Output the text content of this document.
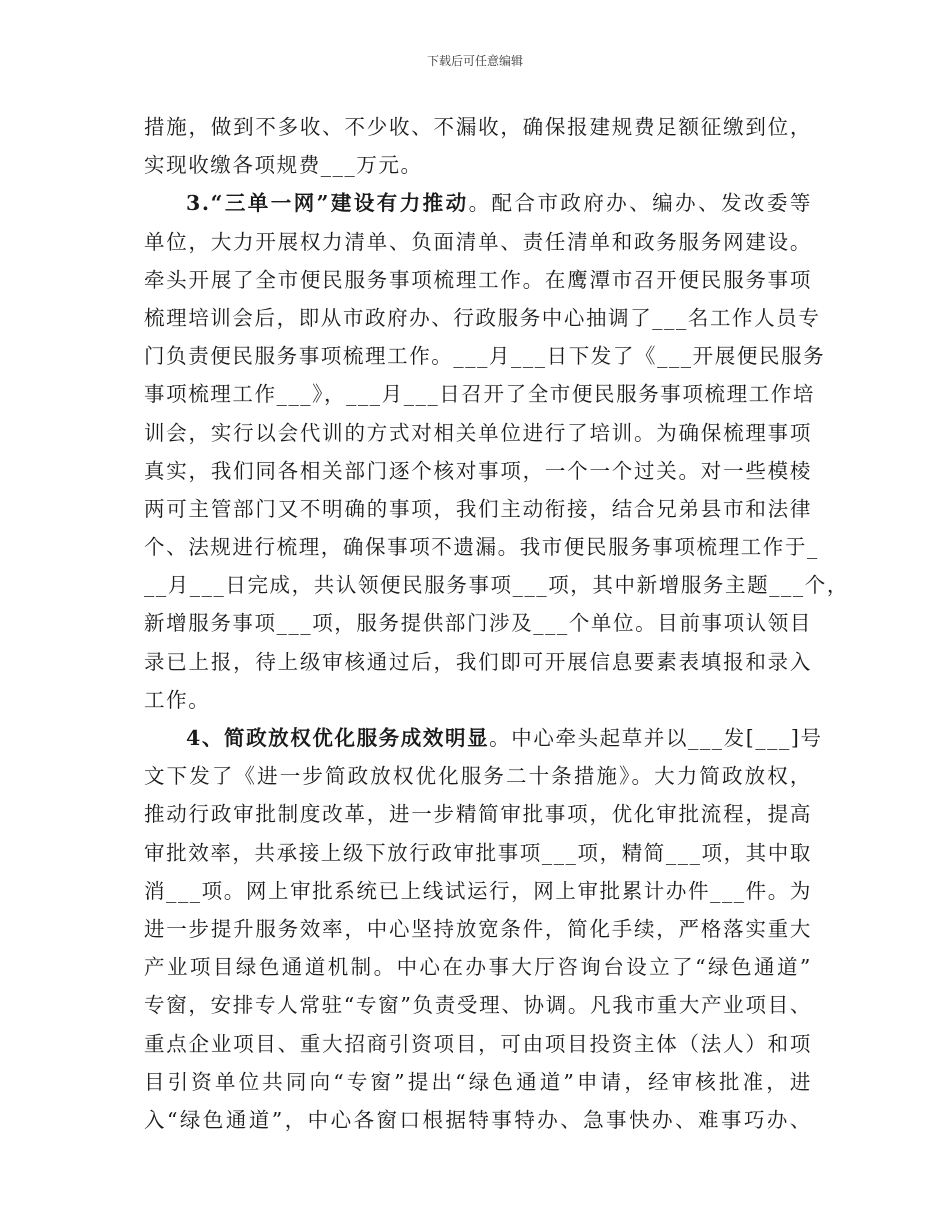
下载后可任意编辑
措施，做到不多收、不少收、不漏收，确保报建规费足额征缴到位，
实现收缴各项规费___万元。
3.“三单一网”建设有力推动。配合市政府办、编办、发改委等
单位，大力开展权力清单、负面清单、责任清单和政务服务网建设。
牵头开展了全市便民服务事项梳理工作。在鹰潭市召开便民服务事项
梳理培训会后，即从市政府办、行政服务中心抽调了___名工作人员专
门负责便民服务事项梳理工作。___月___日下发了《___开展便民服务
事项梳理工作___》，___月___日召开了全市便民服务事项梳理工作培
训会，实行以会代训的方式对相关单位进行了培训。为确保梳理事项
真实，我们同各相关部门逐个核对事项，一个一个过关。对一些模棱
两可主管部门又不明确的事项，我们主动衔接，结合兄弟县市和法律
个、法规进行梳理，确保事项不遗漏。我市便民服务事项梳理工作于_
__月___日完成，共认领便民服务事项___项，其中新增服务主题___个，
新增服务事项___项，服务提供部门涉及___个单位。目前事项认领目
录已上报，待上级审核通过后，我们即可开展信息要素表填报和录入
工作。
4、简政放权优化服务成效明显。中心牵头起草并以___发[___]号
文下发了《进一步简政放权优化服务二十条措施》。大力简政放权，
推动行政审批制度改革，进一步精简审批事项，优化审批流程，提高
审批效率，共承接上级下放行政审批事项___项，精简___项，其中取
消___项。网上审批系统已上线试运行，网上审批累计办件___件。为
进一步提升服务效率，中心坚持放宽条件，简化手续，严格落实重大
产业项目绿色通道机制。中心在办事大厅咨询台设立了“绿色通道”
专窗，安排专人常驻“专窗”负责受理、协调。凡我市重大产业项目、
重点企业项目、重大招商引资项目，可由项目投资主体（法人）和项
目引资单位共同向“专窗”提出“绿色通道”申请，经审核批准，进
入“绿色通道”，中心各窗口根据特事特办、急事快办、难事巧办、
